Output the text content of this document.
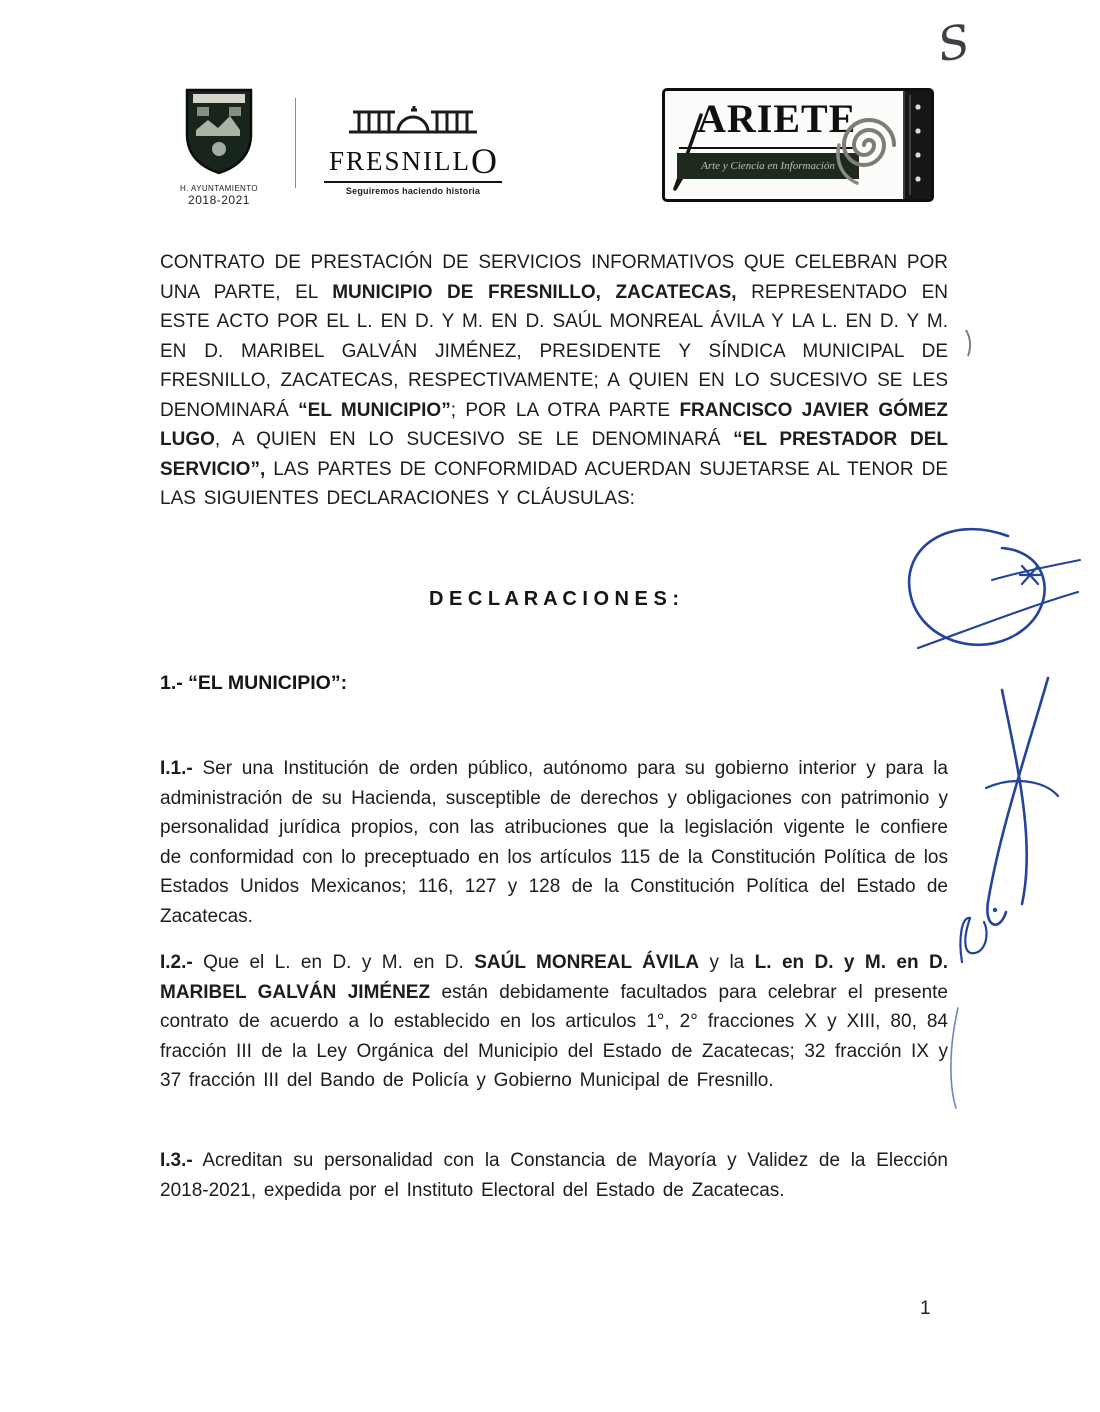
H. AYUNTAMIENTO
2018-2021
FRESNILLO
Seguiremos haciendo historia
ARIETE
Arte y Ciencia en Información
S
CONTRATO DE PRESTACIÓN DE SERVICIOS INFORMATIVOS QUE CELEBRAN POR UNA PARTE, EL MUNICIPIO DE FRESNILLO, ZACATECAS, REPRESENTADO EN ESTE ACTO POR EL L. EN D. Y M. EN D. SAÚL MONREAL ÁVILA Y LA L. EN D. Y M. EN D. MARIBEL GALVÁN JIMÉNEZ, PRESIDENTE Y SÍNDICA MUNICIPAL DE FRESNILLO, ZACATECAS, RESPECTIVAMENTE; A QUIEN EN LO SUCESIVO SE LES DENOMINARÁ “EL MUNICIPIO”; POR LA OTRA PARTE FRANCISCO JAVIER GÓMEZ LUGO, A QUIEN EN LO SUCESIVO SE LE DENOMINARÁ “EL PRESTADOR DEL SERVICIO”, LAS PARTES DE CONFORMIDAD ACUERDAN SUJETARSE AL TENOR DE LAS SIGUIENTES DECLARACIONES Y CLÁUSULAS:
D E C L A R A C I O N E S :
1.- “EL MUNICIPIO”:
I.1.- Ser una Institución de orden público, autónomo para su gobierno interior y para la administración de su Hacienda, susceptible de derechos y obligaciones con patrimonio y personalidad jurídica propios, con las atribuciones que la legislación vigente le confiere de conformidad con lo preceptuado en los artículos 115 de la Constitución Política de los Estados Unidos Mexicanos; 116, 127 y 128 de la Constitución Política del Estado de Zacatecas.
I.2.- Que el L. en D. y M. en D. SAÚL MONREAL ÁVILA y la L. en D. y M. en D. MARIBEL GALVÁN JIMÉNEZ están debidamente facultados para celebrar el presente contrato de acuerdo a lo establecido en los articulos 1°, 2° fracciones X y XIII, 80, 84 fracción III de la Ley Orgánica del Municipio del Estado de Zacatecas; 32 fracción IX y 37 fracción III del Bando de Policía y Gobierno Municipal de Fresnillo.
I.3.- Acreditan su personalidad con la Constancia de Mayoría y Validez de la Elección 2018-2021, expedida por el Instituto Electoral del Estado de Zacatecas.
1
